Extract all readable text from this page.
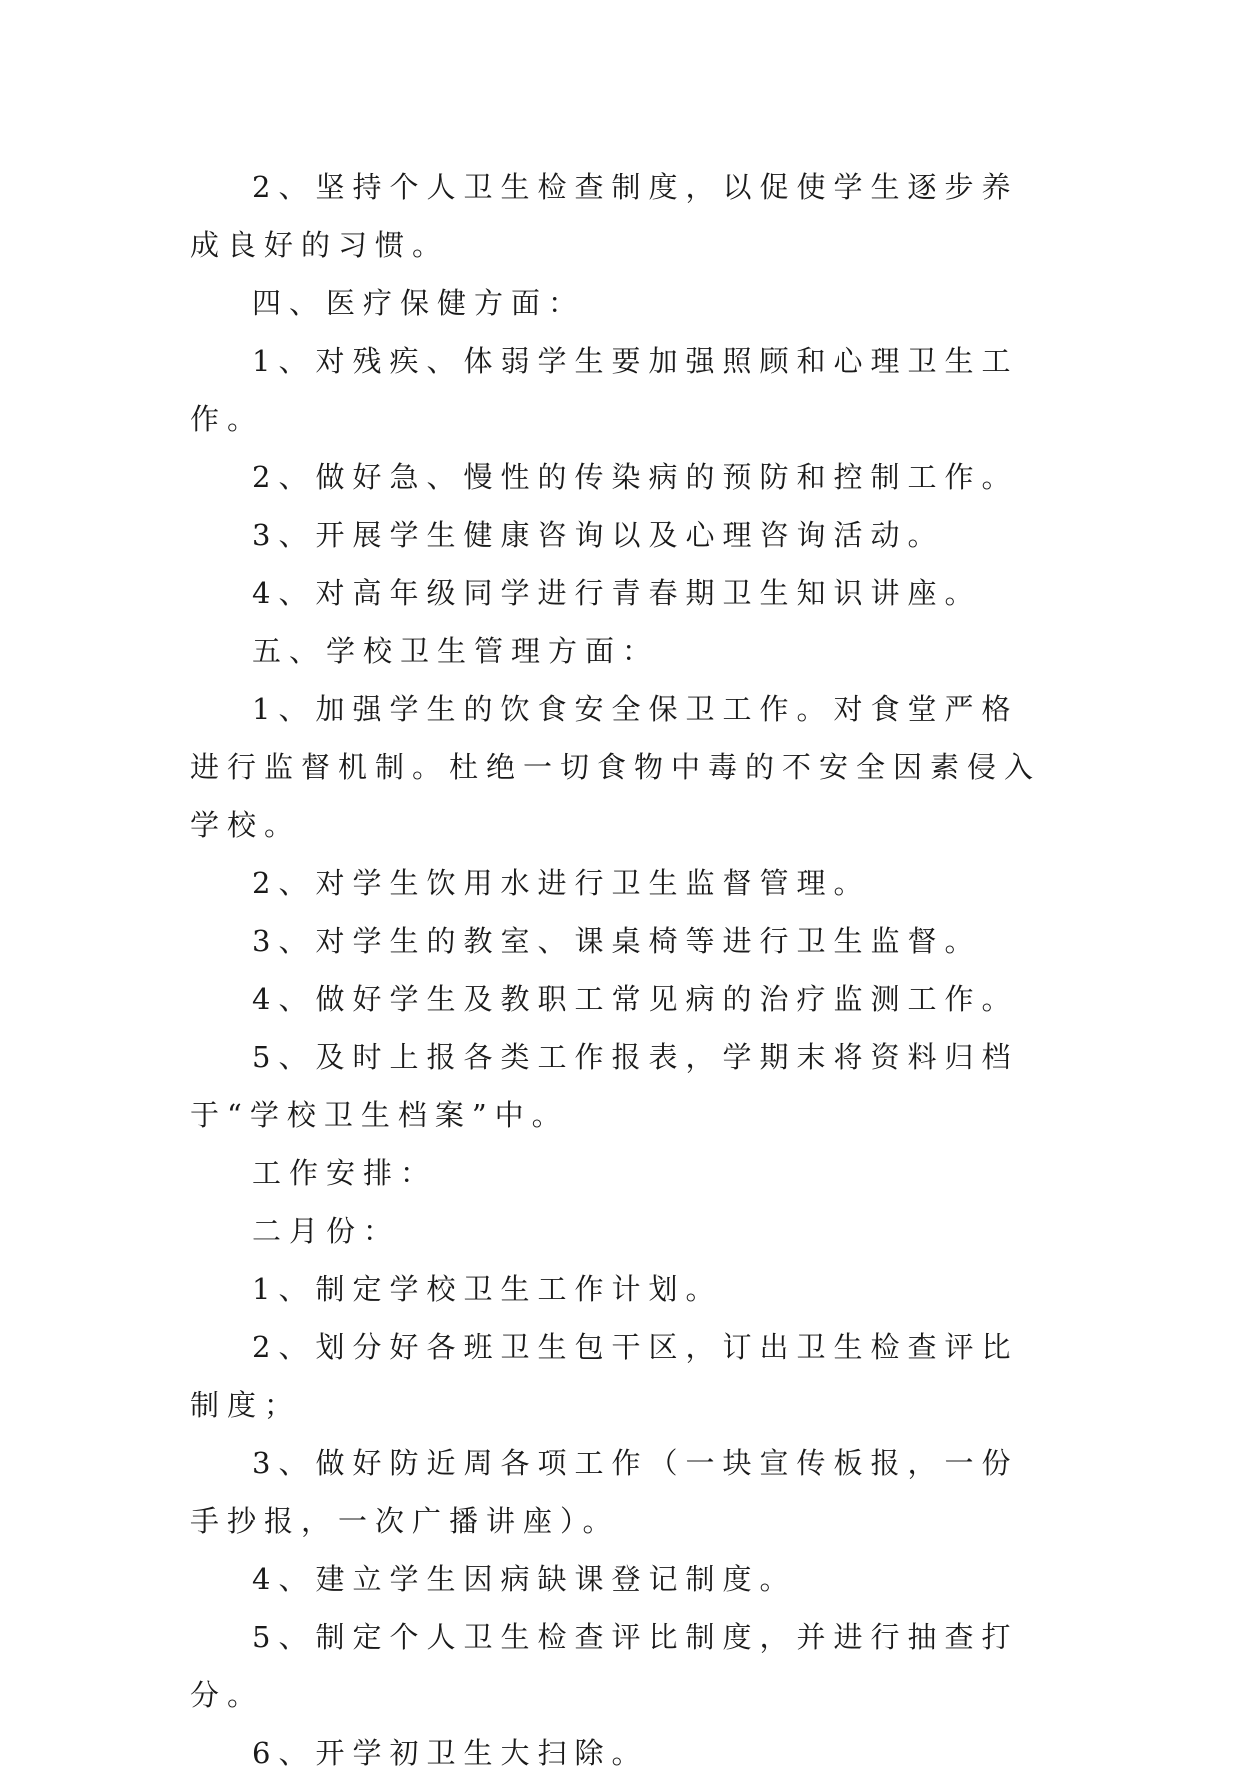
2、坚持个人卫生检查制度，以促使学生逐步养成良好的习惯。

四、医疗保健方面：

1、对残疾、体弱学生要加强照顾和心理卫生工作。

2、做好急、慢性的传染病的预防和控制工作。

3、开展学生健康咨询以及心理咨询活动。

4、对高年级同学进行青春期卫生知识讲座。

五、学校卫生管理方面：

1、加强学生的饮食安全保卫工作。对食堂严格进行监督机制。杜绝一切食物中毒的不安全因素侵入学校。

2、对学生饮用水进行卫生监督管理。

3、对学生的教室、课桌椅等进行卫生监督。

4、做好学生及教职工常见病的治疗监测工作。

5、及时上报各类工作报表，学期末将资料归档于“学校卫生档案”中。

工作安排：

二月份：

1、制定学校卫生工作计划。

2、划分好各班卫生包干区，订出卫生检查评比制度；

3、做好防近周各项工作（一块宣传板报，一份手抄报，一次广播讲座）。

4、建立学生因病缺课登记制度。

5、制定个人卫生检查评比制度，并进行抽查打分。

6、开学初卫生大扫除。
